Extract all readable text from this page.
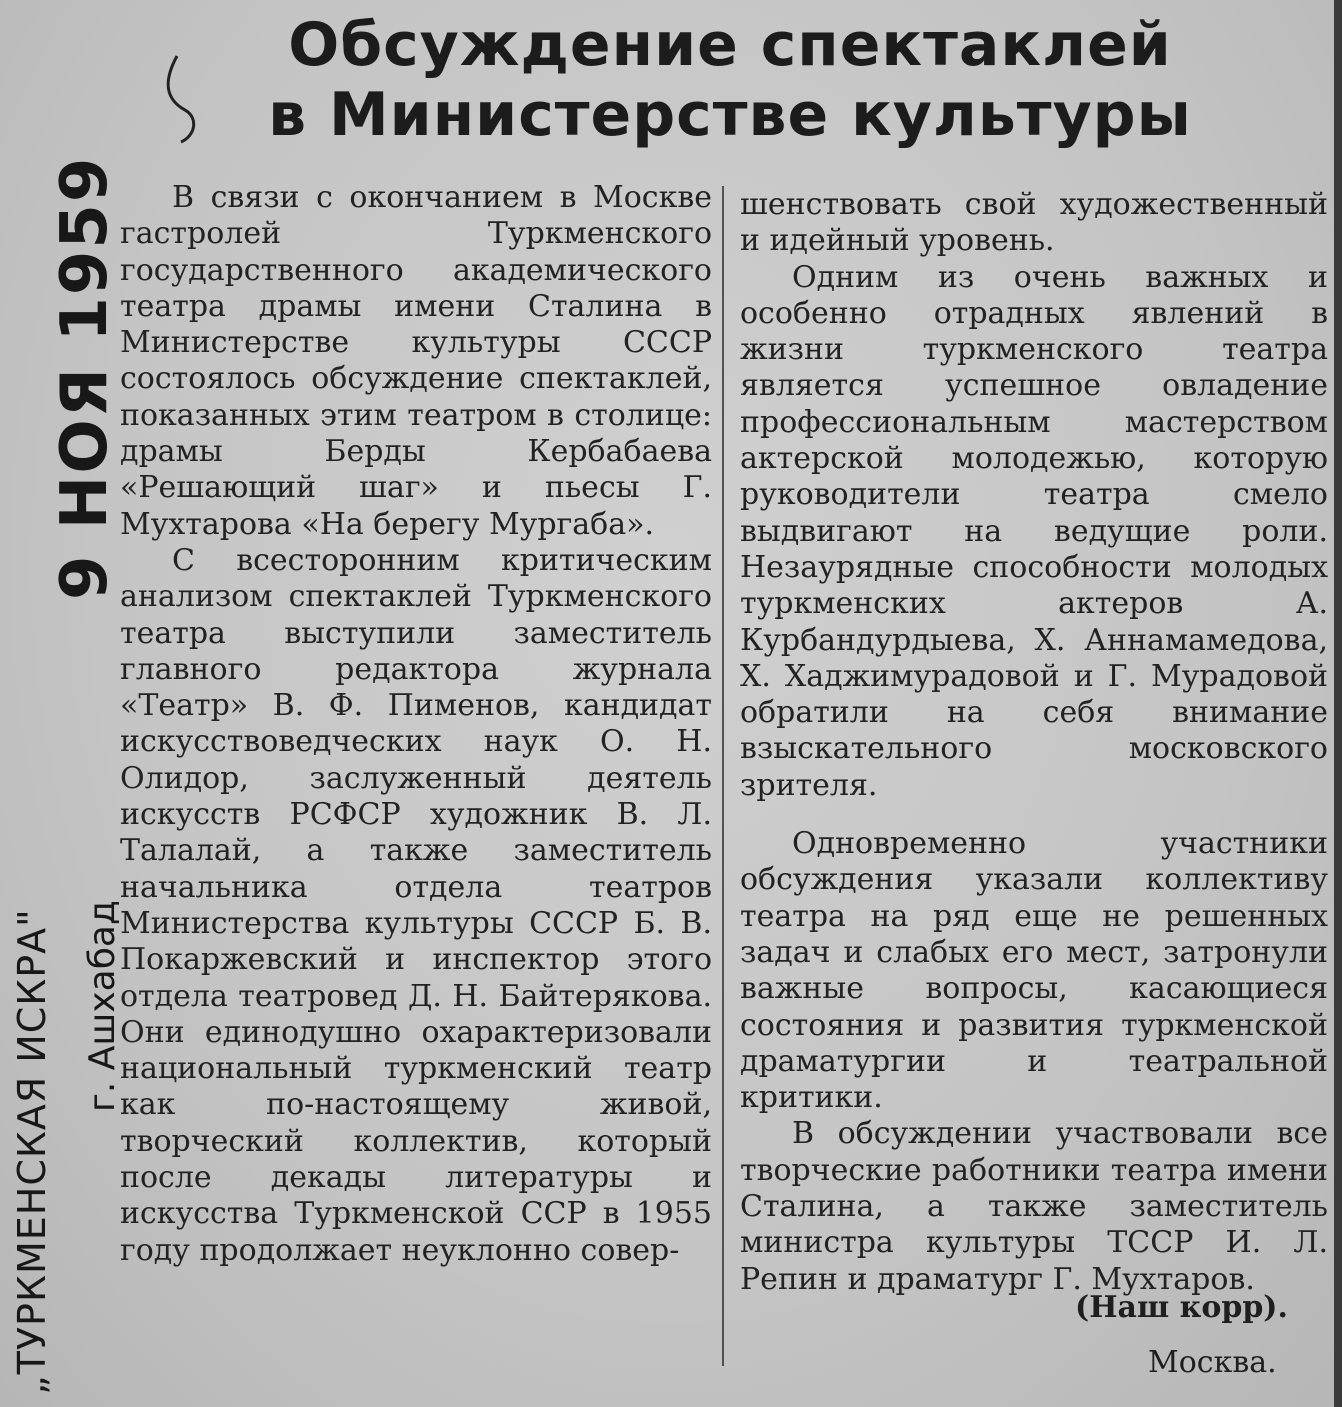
Обсуждение спектаклей
в Министерстве культуры
9 НОЯ 1959
„ТУРКМЕНСКАЯ ИСКРА" г. Ашхабад

В связи с окончанием в Москве гастролей Туркменского государственного академического театра драмы имени Сталина в Министерстве культуры СССР состоялось обсуждение спектаклей, показанных этим театром в столице: драмы Берды Кербабаева «Решающий шаг» и пьесы Г. Мухтарова «На берегу Мургаба».

С всесторонним критическим анализом спектаклей Туркменского театра выступили заместитель главного редактора журнала «Театр» В. Ф. Пименов, кандидат искусствоведческих наук О. Н. Олидор, заслуженный деятель искусств РСФСР художник В. Л. Талалай, а также заместитель начальника отдела театров Министерства культуры СССР Б. В. Покаржевский и инспектор этого отдела театровед Д. Н. Байтерякова. Они единодушно охарактеризовали национальный туркменский театр как по-настоящему живой, творческий коллектив, который после декады литературы и искусства Туркменской ССР в 1955 году продолжает неуклонно совер-

шенствовать свой художественный и идейный уровень.

Одним из очень важных и особенно отрадных явлений в жизни туркменского театра является успешное овладение профессиональным мастерством актерской молодежью, которую руководители театра смело выдвигают на ведущие роли. Незаурядные способности молодых туркменских актеров А. Курбандурдыева, Х. Аннамамедова, Х. Хаджимурадовой и Г. Мурадовой обратили на себя внимание взыскательного московского зрителя.

Одновременно участники обсуждения указали коллективу театра на ряд еще не решенных задач и слабых его мест, затронули важные вопросы, касающиеся состояния и развития туркменской драматургии и театральной критики.

В обсуждении участвовали все творческие работники театра имени Сталина, а также заместитель министра культуры ТССР И. Л. Репин и драматург Г. Мухтаров.

(Наш корр).
Москва.
